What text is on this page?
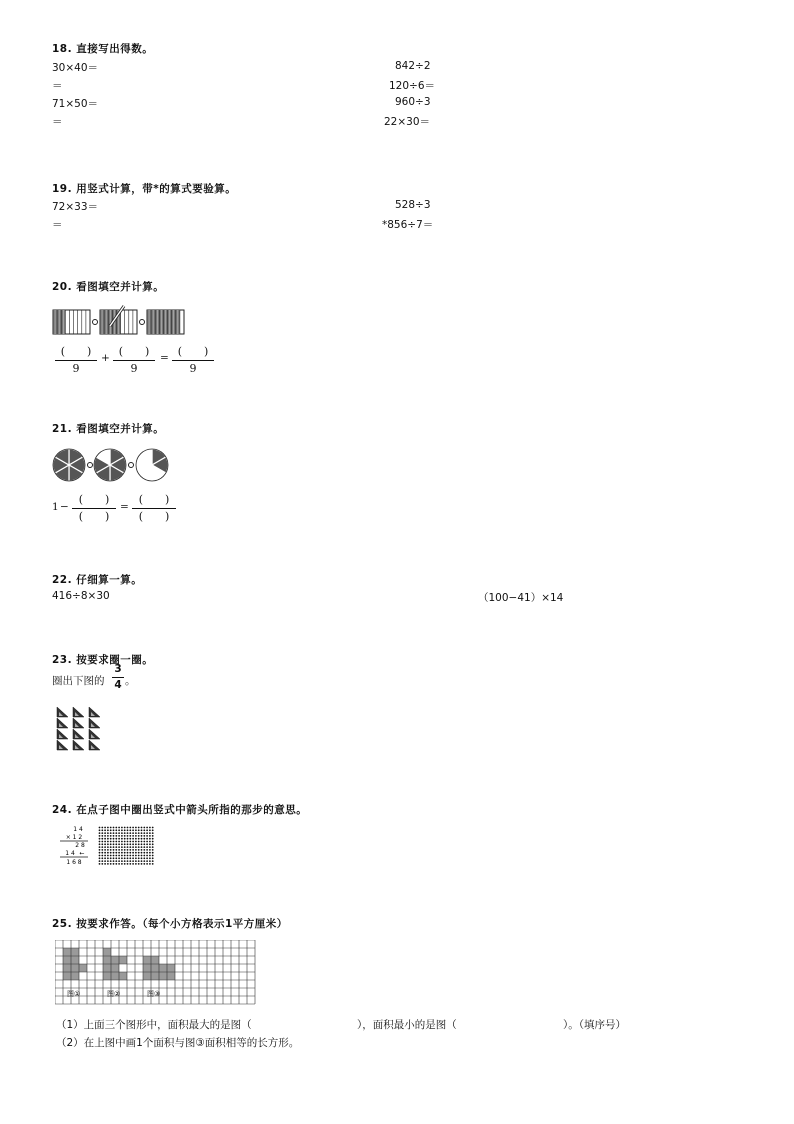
18. 直接写出得数。
30×40＝	842÷2
＝	120÷6＝
71×50＝	960÷3
＝	22×30＝
19. 用竖式计算，带*的算式要验算。
72×33＝	528÷3
＝	*856÷7＝
20. 看图填空并计算。
(　　)
9
+ (　　)
9
= (　　)
9
21. 看图填空并计算。
1 −
(　　)
(　　)
=
(　　)
(　　)
22. 仔细算一算。
416÷8×30	（100−41）×14
23. 按要求圈一圈。
圈出下图的
3
4 。
24. 在点子图中圈出竖式中箭头所指的那步的意思。
1 4
× 1 2
2 8
1 4 ←
1 6 8
25. 按要求作答。（每个小方格表示1平方厘米）
图①	图②	图③
（1）上面三个图形中，面积最大的是图（	），面积最小的是图（	）。（填序号）
（2）在上图中画1个面积与图③面积相等的长方形。
